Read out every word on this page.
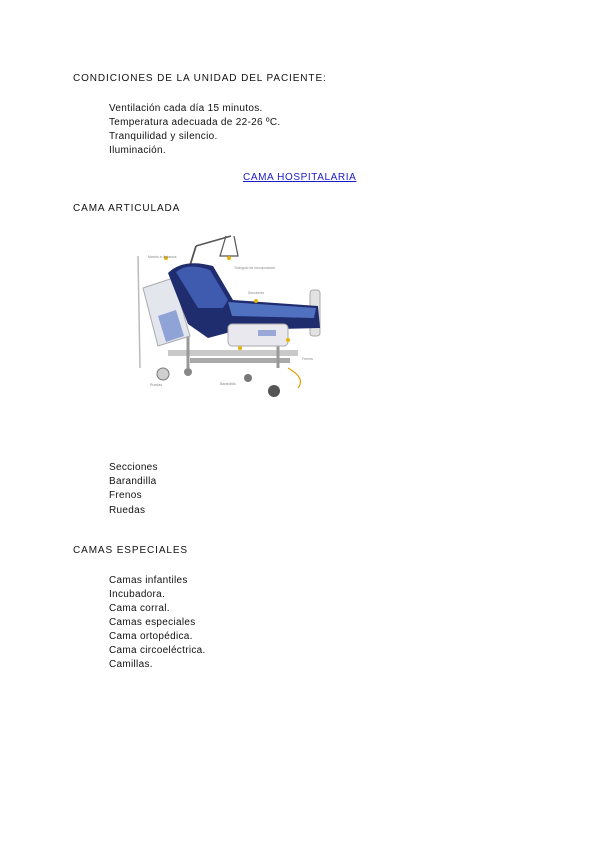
CONDICIONES DE LA UNIDAD DEL PACIENTE:
Ventilación cada día 15 minutos.
Temperatura adecuada de 22-26 ºC.
Tranquilidad y silencio.
Iluminación.
CAMA HOSPITALARIA
CAMA ARTICULADA
Mando a distancia
Triángulo de incorporación
Secciones
Frenos
Ruedas	Barandilla
Secciones
Barandilla
Frenos
Ruedas
CAMAS ESPECIALES
Camas infantiles
Incubadora.
Cama corral.
Camas especiales
Cama ortopédica.
Cama circoeléctrica.
Camillas.
